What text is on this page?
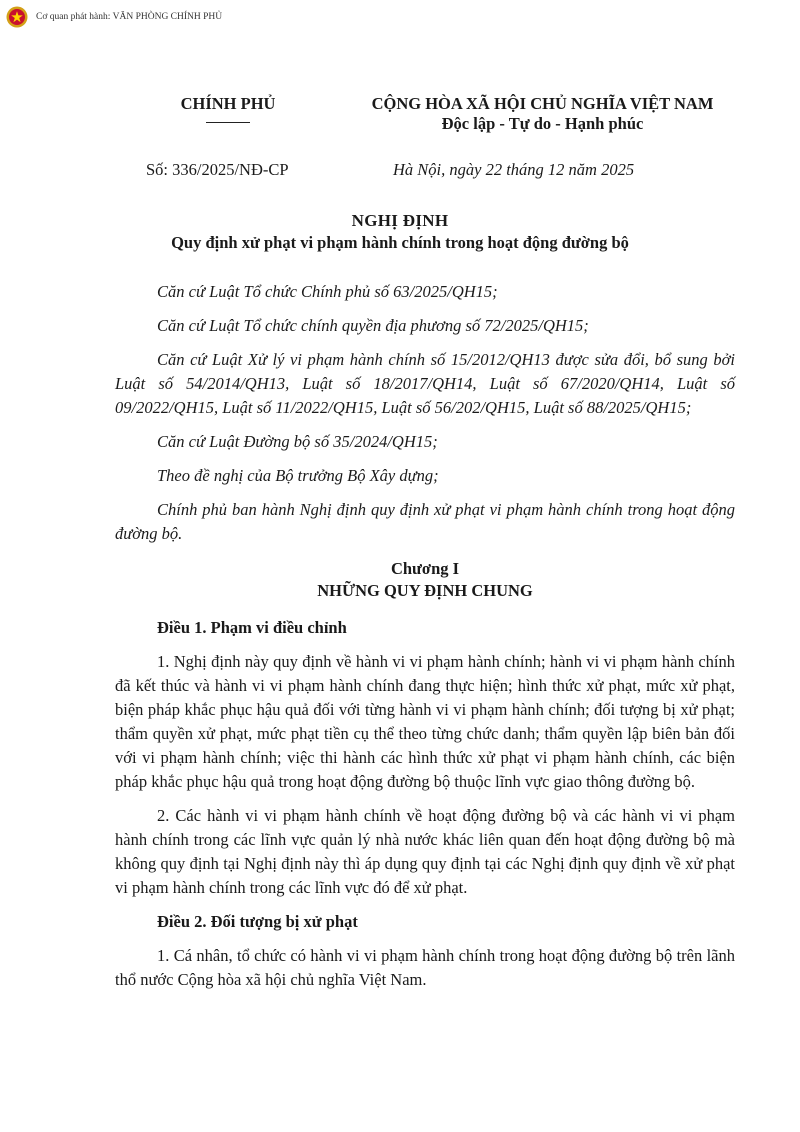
Cơ quan phát hành: VĂN PHÒNG CHÍNH PHỦ
CHÍNH PHỦ	CỘNG HÒA XÃ HỘI CHỦ NGHĨA VIỆT NAM
Độc lập - Tự do - Hạnh phúc
Số: 336/2025/NĐ-CP	Hà Nội, ngày 22 tháng 12 năm 2025
NGHỊ ĐỊNH
Quy định xử phạt vi phạm hành chính trong hoạt động đường bộ

Căn cứ Luật Tổ chức Chính phủ số 63/2025/QH15;

Căn cứ Luật Tổ chức chính quyền địa phương số 72/2025/QH15;

Căn cứ Luật Xử lý vi phạm hành chính số 15/2012/QH13 được sửa đổi, bổ sung bởi Luật số 54/2014/QH13, Luật số 18/2017/QH14, Luật số 67/2020/QH14, Luật số 09/2022/QH15, Luật số 11/2022/QH15, Luật số 56/202/QH15, Luật số 88/2025/QH15;

Căn cứ Luật Đường bộ số 35/2024/QH15;

Theo đề nghị của Bộ trưởng Bộ Xây dựng;

Chính phủ ban hành Nghị định quy định xử phạt vi phạm hành chính trong hoạt động đường bộ.

Chương I
NHỮNG QUY ĐỊNH CHUNG
Điều 1. Phạm vi điều chỉnh

1. Nghị định này quy định về hành vi vi phạm hành chính; hành vi vi phạm hành chính đã kết thúc và hành vi vi phạm hành chính đang thực hiện; hình thức xử phạt, mức xử phạt, biện pháp khắc phục hậu quả đối với từng hành vi vi phạm hành chính; đối tượng bị xử phạt; thẩm quyền xử phạt, mức phạt tiền cụ thể theo từng chức danh; thẩm quyền lập biên bản đối với vi phạm hành chính; việc thi hành các hình thức xử phạt vi phạm hành chính, các biện pháp khắc phục hậu quả trong hoạt động đường bộ thuộc lĩnh vực giao thông đường bộ.

2. Các hành vi vi phạm hành chính về hoạt động đường bộ và các hành vi vi phạm hành chính trong các lĩnh vực quản lý nhà nước khác liên quan đến hoạt động đường bộ mà không quy định tại Nghị định này thì áp dụng quy định tại các Nghị định quy định về xử phạt vi phạm hành chính trong các lĩnh vực đó để xử phạt.

Điều 2. Đối tượng bị xử phạt

1. Cá nhân, tổ chức có hành vi vi phạm hành chính trong hoạt động đường bộ trên lãnh thổ nước Cộng hòa xã hội chủ nghĩa Việt Nam.
